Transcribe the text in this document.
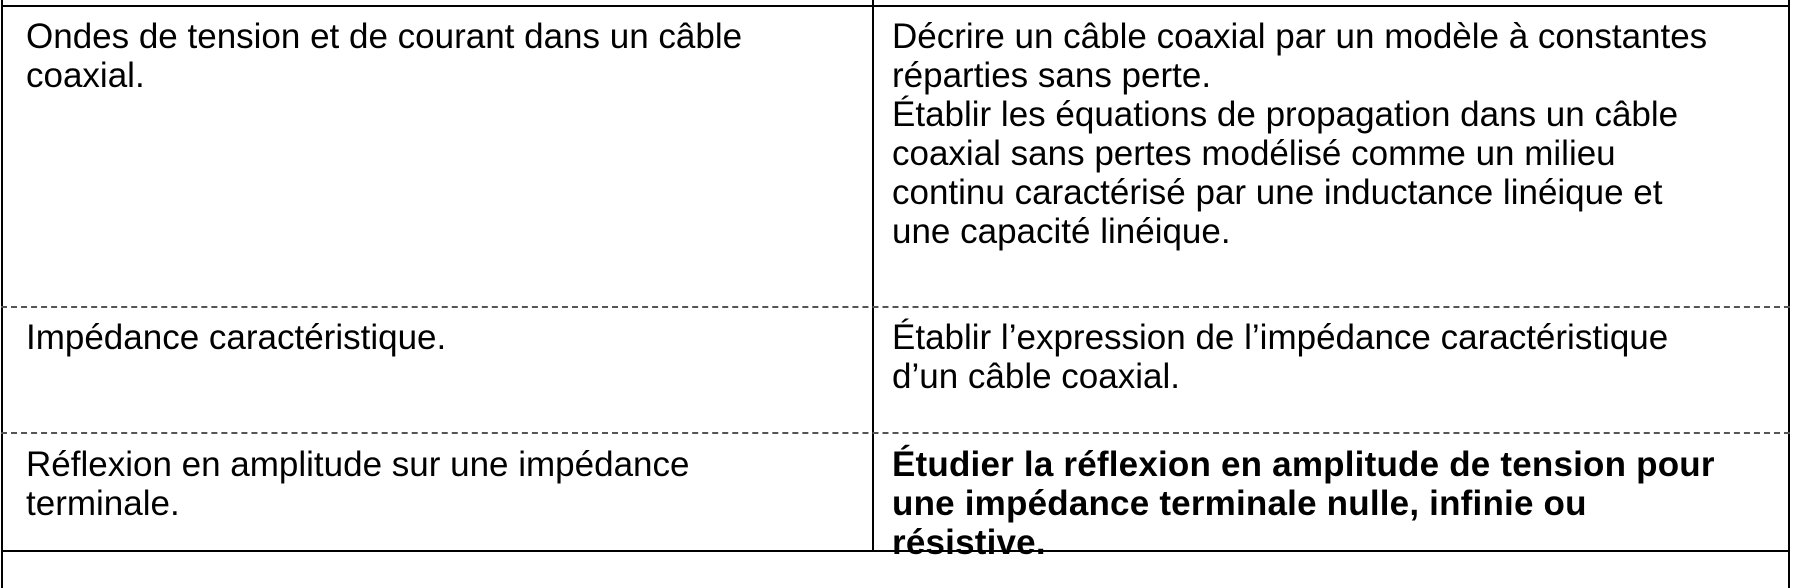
Ondes de tension et de courant dans un câble
coaxial.
Décrire un câble coaxial par un modèle à constantes
réparties sans perte.
Établir les équations de propagation dans un câble
coaxial sans pertes modélisé comme un milieu
continu caractérisé par une inductance linéique et
une capacité linéique.
Impédance caractéristique.	Établir l’expression de l’impédance caractéristique
d’un câble coaxial.
Réflexion en amplitude sur une impédance
terminale.
Étudier la réflexion en amplitude de tension pour
une impédance terminale nulle, infinie ou
résistive.
